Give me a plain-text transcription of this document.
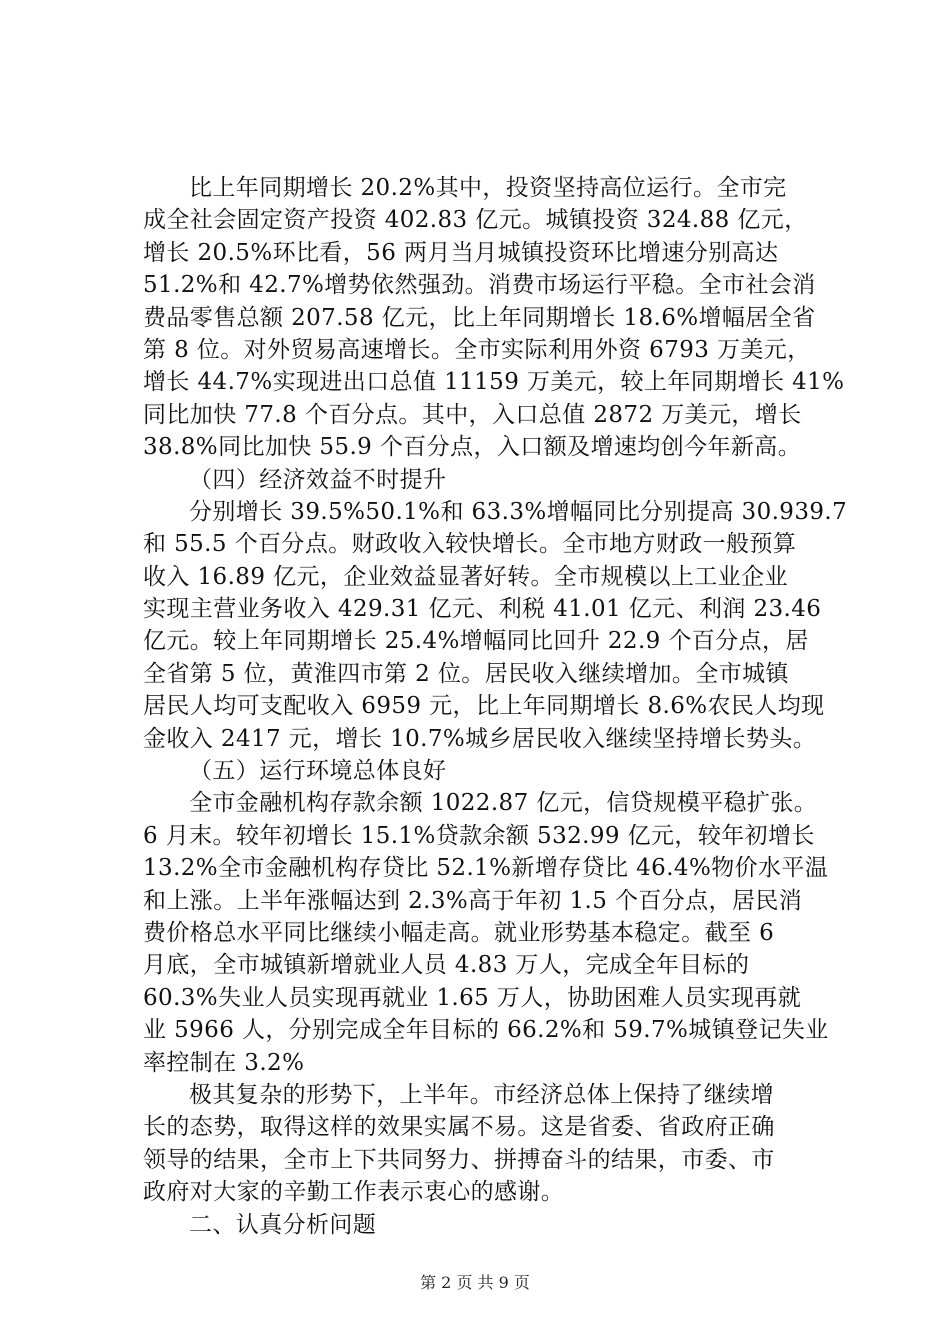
比上年同期增长 20.2%其中，投资坚持高位运行。全市完
成全社会固定资产投资 402.83 亿元。城镇投资 324.88 亿元，
增长 20.5%环比看，56 两月当月城镇投资环比增速分别高达
51.2%和 42.7%增势依然强劲。消费市场运行平稳。全市社会消
费品零售总额 207.58 亿元，比上年同期增长 18.6%增幅居全省
第 8 位。对外贸易高速增长。全市实际利用外资 6793 万美元，
增长 44.7%实现进出口总值 11159 万美元，较上年同期增长 41%
同比加快 77.8 个百分点。其中，入口总值 2872 万美元，增长
38.8%同比加快 55.9 个百分点，入口额及增速均创今年新高。
（四）经济效益不时提升
分别增长 39.5%50.1%和 63.3%增幅同比分别提高 30.939.7
和 55.5 个百分点。财政收入较快增长。全市地方财政一般预算
收入 16.89 亿元，企业效益显著好转。全市规模以上工业企业
实现主营业务收入 429.31 亿元、利税 41.01 亿元、利润 23.46
亿元。较上年同期增长 25.4%增幅同比回升 22.9 个百分点，居
全省第 5 位，黄淮四市第 2 位。居民收入继续增加。全市城镇
居民人均可支配收入 6959 元，比上年同期增长 8.6%农民人均现
金收入 2417 元，增长 10.7%城乡居民收入继续坚持增长势头。
（五）运行环境总体良好
全市金融机构存款余额 1022.87 亿元，信贷规模平稳扩张。
6 月末。较年初增长 15.1%贷款余额 532.99 亿元，较年初增长
13.2%全市金融机构存贷比 52.1%新增存贷比 46.4%物价水平温
和上涨。上半年涨幅达到 2.3%高于年初 1.5 个百分点，居民消
费价格总水平同比继续小幅走高。就业形势基本稳定。截至 6
月底，全市城镇新增就业人员 4.83 万人，完成全年目标的
60.3%失业人员实现再就业 1.65 万人，协助困难人员实现再就
业 5966 人，分别完成全年目标的 66.2%和 59.7%城镇登记失业
率控制在 3.2%
极其复杂的形势下，上半年。市经济总体上保持了继续增
长的态势，取得这样的效果实属不易。这是省委、省政府正确
领导的结果，全市上下共同努力、拼搏奋斗的结果，市委、市
政府对大家的辛勤工作表示衷心的感谢。
二、认真分析问题
第 2 页 共 9 页
